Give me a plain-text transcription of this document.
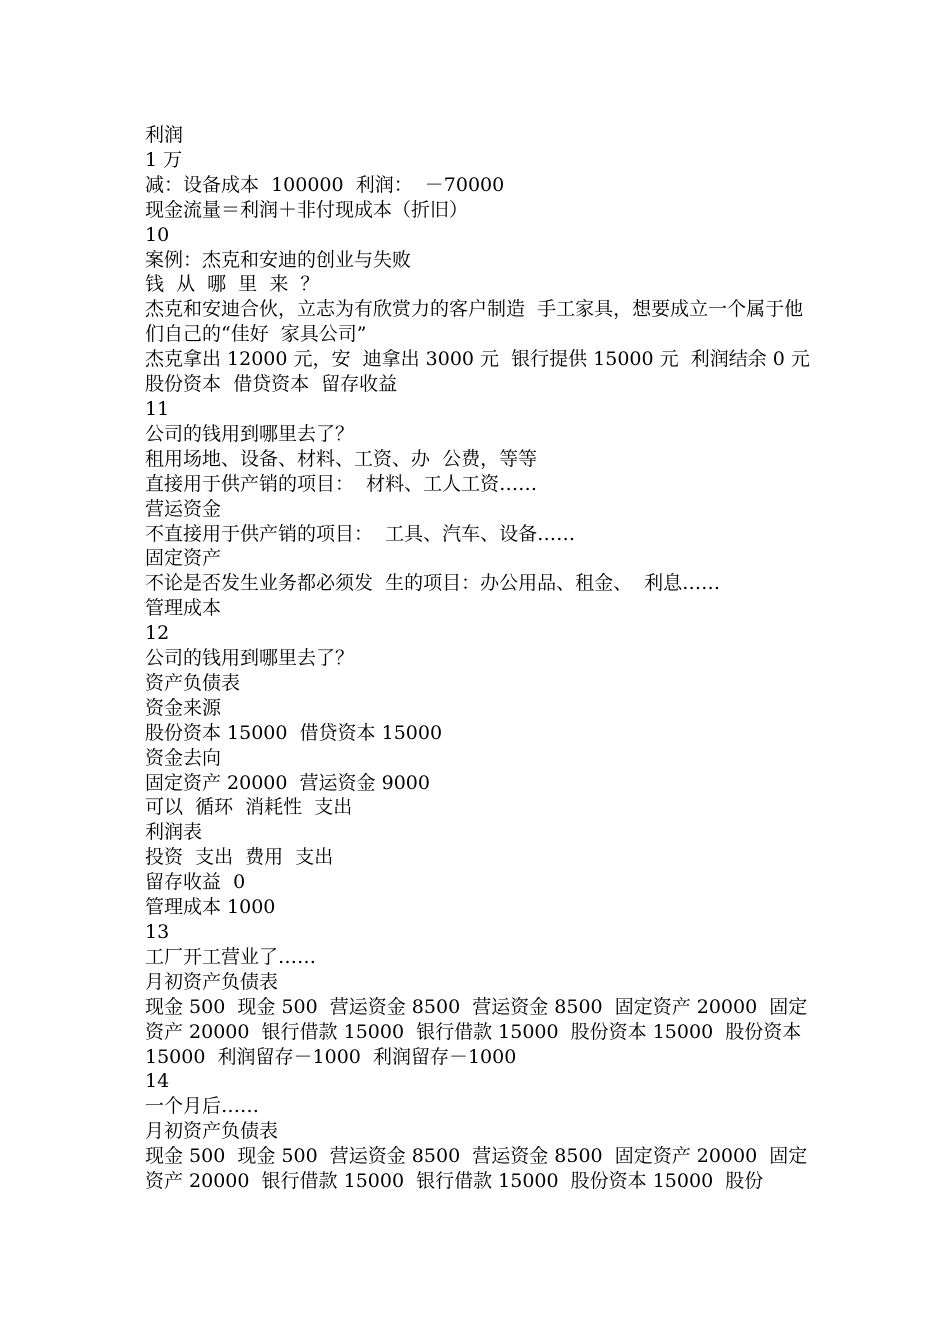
利润

1 万

减：设备成本  100000  利润：  －70000

现金流量＝利润＋非付现成本（折旧）

10

案例：杰克和安迪的创业与失败

钱  从  哪  里  来  ？

杰克和安迪合伙，立志为有欣赏力的客户制造  手工家具，想要成立一个属于他们自己的“佳好  家具公司”

杰克拿出 12000 元，安  迪拿出 3000 元  银行提供 15000 元  利润结余 0 元

股份资本  借贷资本  留存收益

11

公司的钱用到哪里去了？

租用场地、设备、材料、工资、办  公费，等等

直接用于供产销的项目：  材料、工人工资……

营运资金

不直接用于供产销的项目：  工具、汽车、设备……

固定资产

不论是否发生业务都必须发  生的项目：办公用品、租金、  利息……

管理成本

12

公司的钱用到哪里去了？

资产负债表

资金来源

股份资本 15000  借贷资本 15000

资金去向

固定资产 20000  营运资金 9000

可以  循环  消耗性  支出

利润表

投资  支出  费用  支出

留存收益  0

管理成本 1000

13

工厂开工营业了……

月初资产负债表

现金 500  现金 500  营运资金 8500  营运资金 8500  固定资产 20000  固定资产 20000  银行借款 15000  银行借款 15000  股份资本 15000  股份资本 15000  利润留存－1000  利润留存－1000

14

一个月后……

月初资产负债表

现金 500  现金 500  营运资金 8500  营运资金 8500  固定资产 20000  固定资产 20000  银行借款 15000  银行借款 15000  股份资本 15000  股份
